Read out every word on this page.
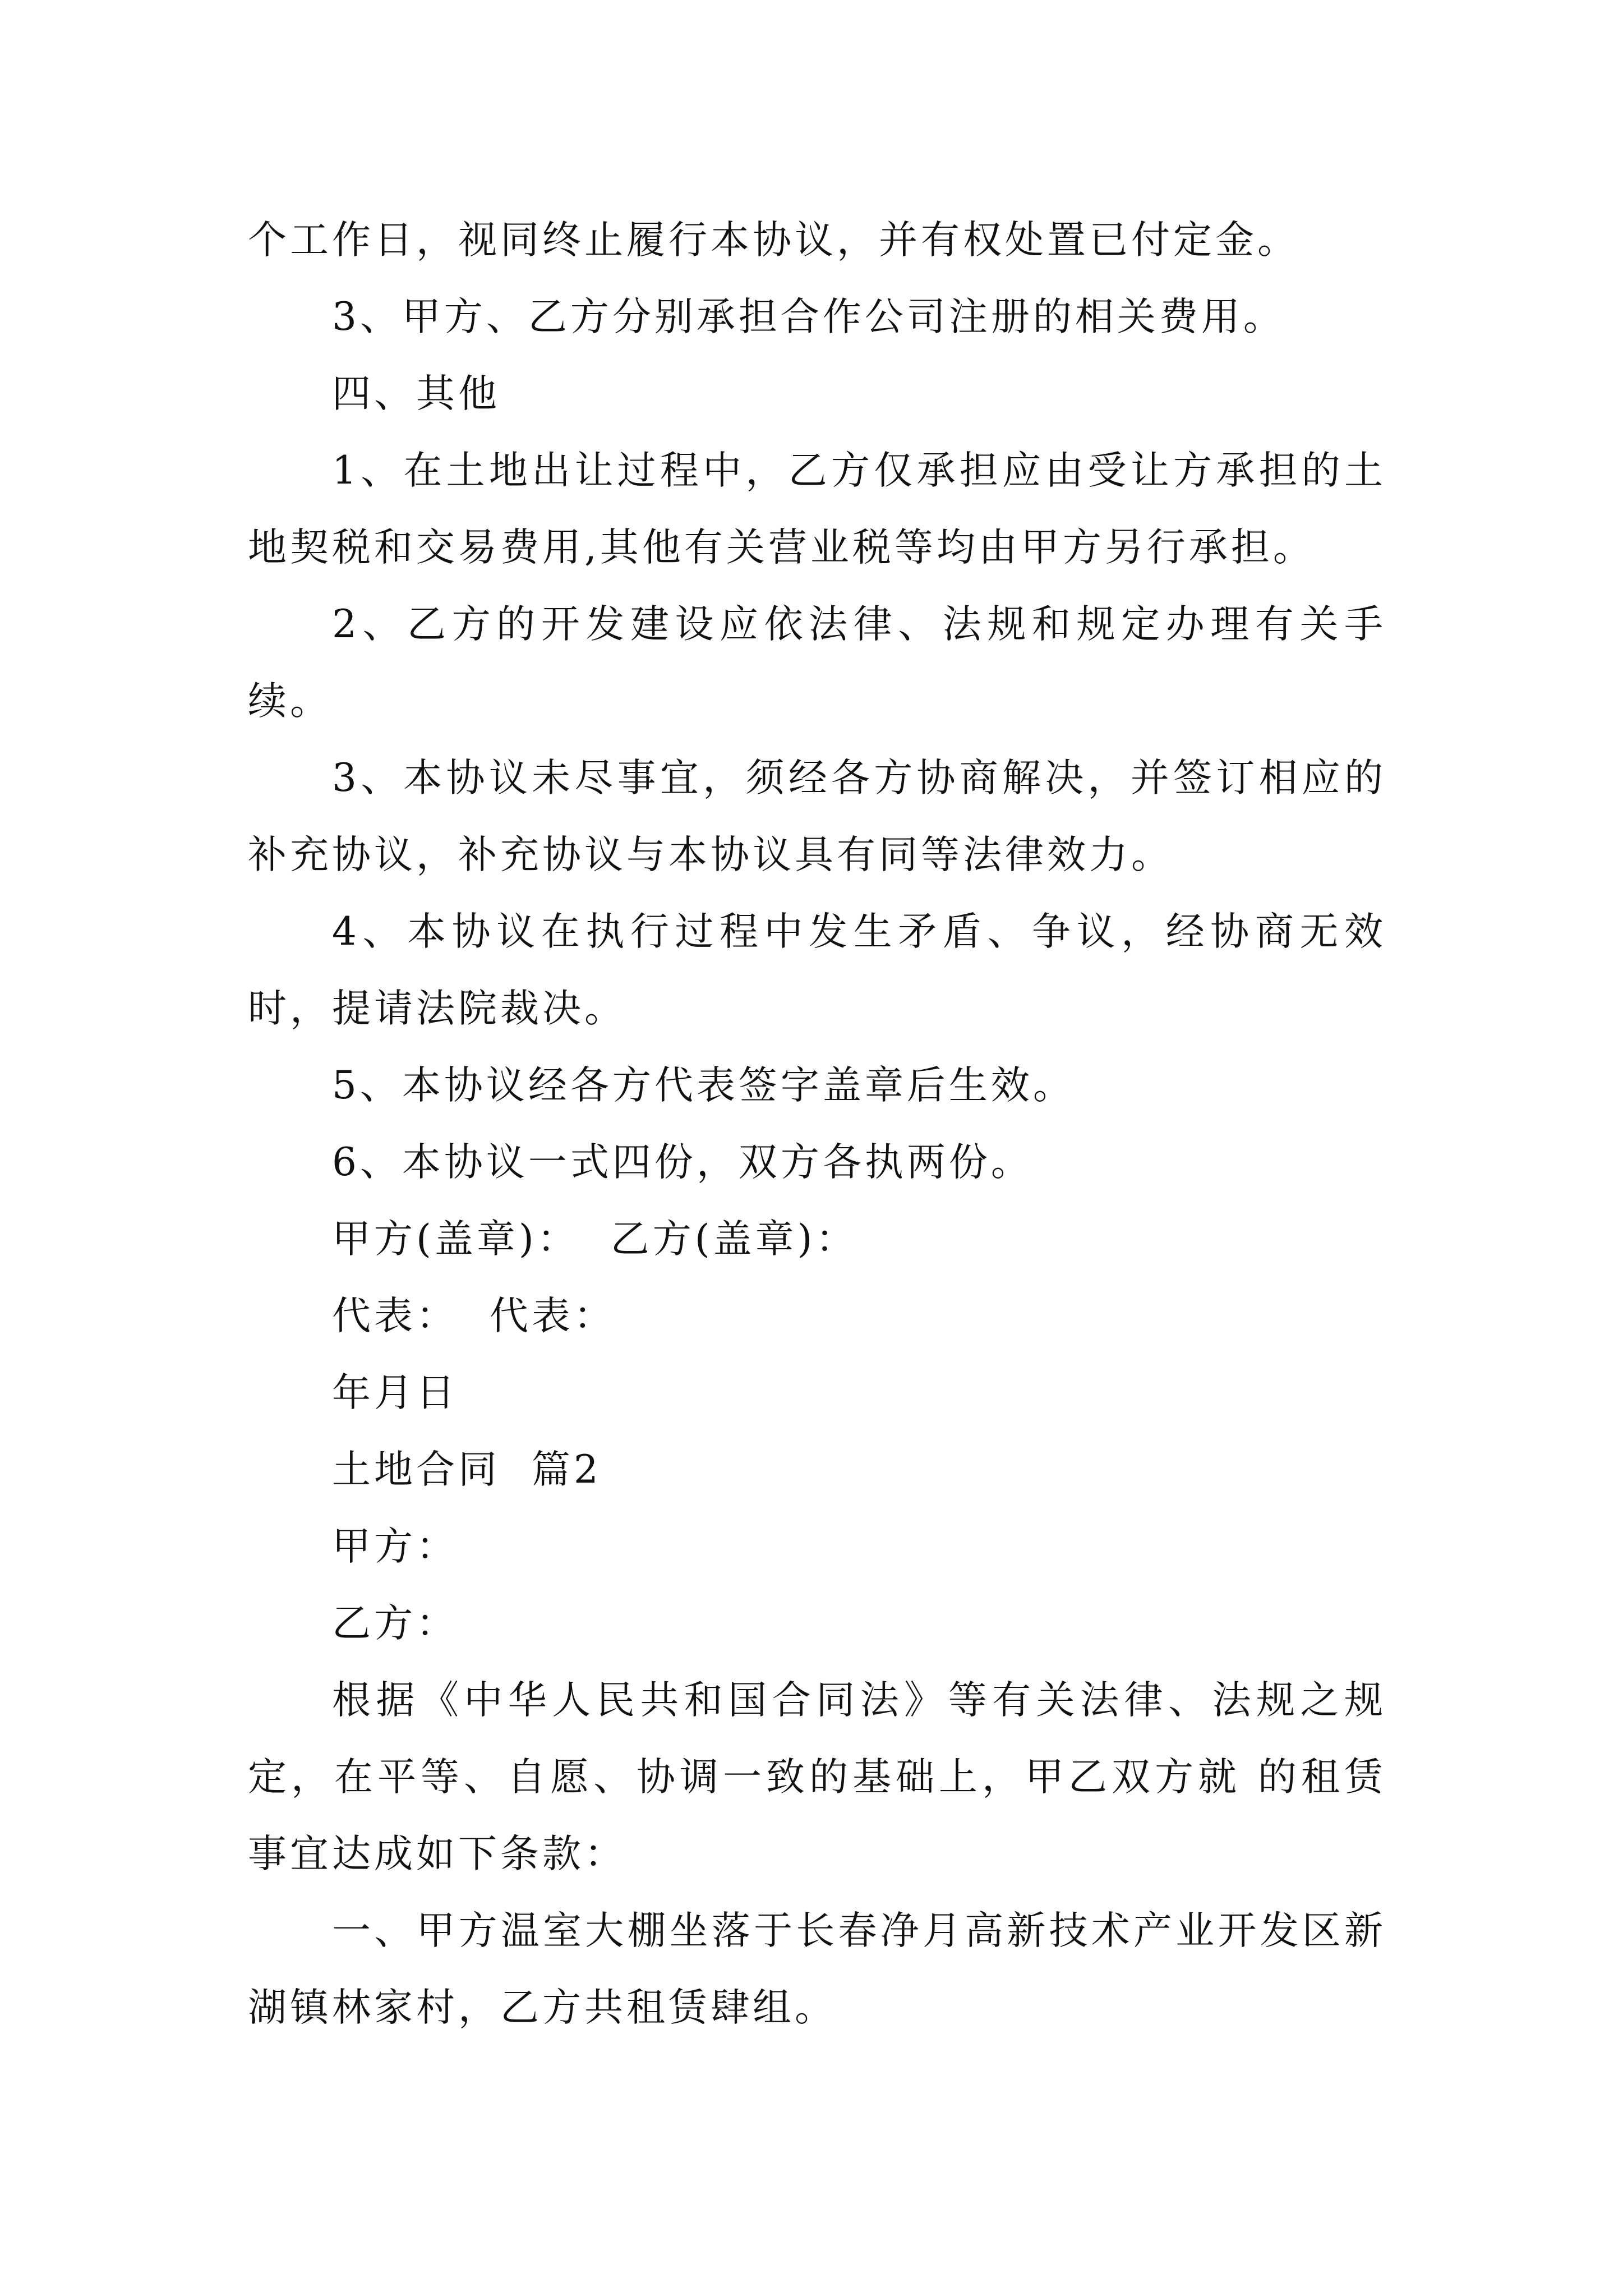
个工作日，视同终止履行本协议，并有权处置已付定金。

3、甲方、乙方分别承担合作公司注册的相关费用。

四、其他

1、在土地出让过程中，乙方仅承担应由受让方承担的土地契税和交易费用,其他有关营业税等均由甲方另行承担。

2、乙方的开发建设应依法律、法规和规定办理有关手续。

3、本协议未尽事宜，须经各方协商解决，并签订相应的补充协议，补充协议与本协议具有同等法律效力。

4、本协议在执行过程中发生矛盾、争议，经协商无效时，提请法院裁决。

5、本协议经各方代表签字盖章后生效。

6、本协议一式四份，双方各执两份。

甲方(盖章)：  乙方(盖章)：

代表：  代表：

年月日

土地合同  篇2

甲方：

乙方：

根据《中华人民共和国合同法》等有关法律、法规之规定，在平等、自愿、协调一致的基础上，甲乙双方就 的租赁事宜达成如下条款：

一、甲方温室大棚坐落于长春净月高新技术产业开发区新湖镇林家村，乙方共租赁肆组。
